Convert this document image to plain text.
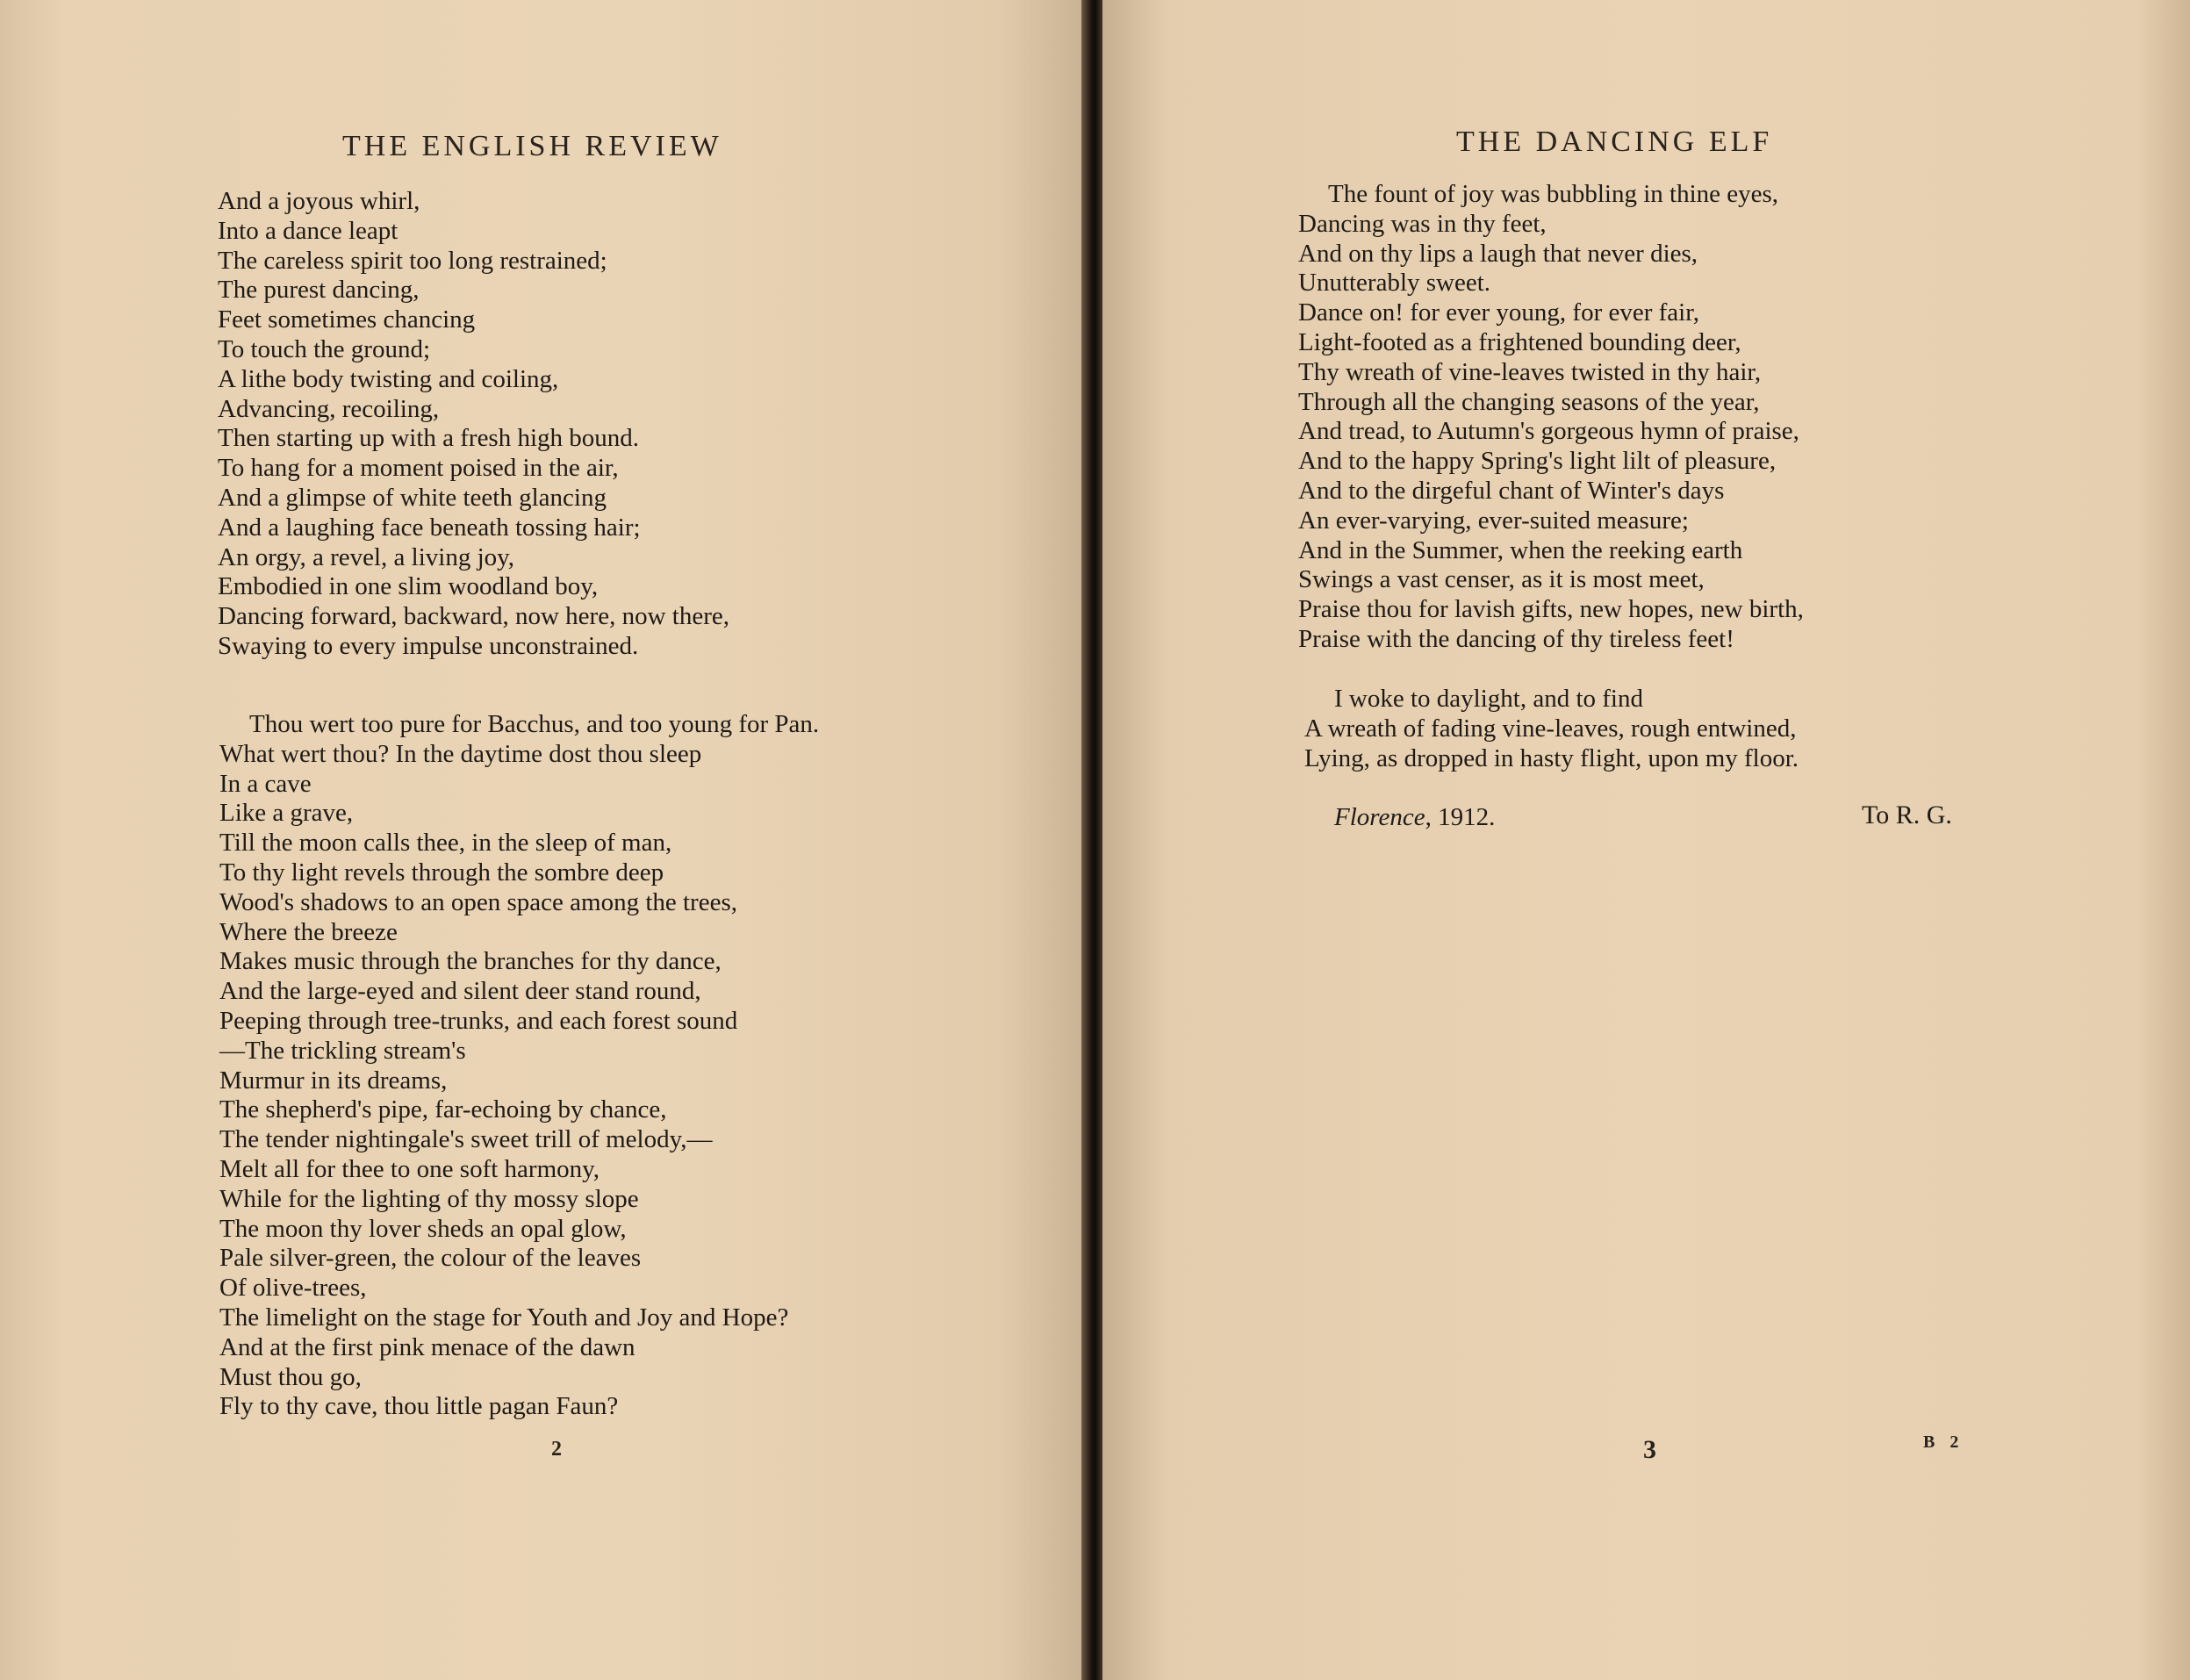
THE ENGLISH REVIEW
And a joyous whirl,
Into a dance leapt
The careless spirit too long restrained;
The purest dancing,
Feet sometimes chancing
To touch the ground;
A lithe body twisting and coiling,
Advancing, recoiling,
Then starting up with a fresh high bound.
To hang for a moment poised in the air,
And a glimpse of white teeth glancing
And a laughing face beneath tossing hair;
An orgy, a revel, a living joy,
Embodied in one slim woodland boy,
Dancing forward, backward, now here, now there,
Swaying to every impulse unconstrained.
Thou wert too pure for Bacchus, and too young for Pan.
What wert thou? In the daytime dost thou sleep
In a cave
Like a grave,
Till the moon calls thee, in the sleep of man,
To thy light revels through the sombre deep
Wood's shadows to an open space among the trees,
Where the breeze
Makes music through the branches for thy dance,
And the large-eyed and silent deer stand round,
Peeping through tree-trunks, and each forest sound
—The trickling stream's
Murmur in its dreams,
The shepherd's pipe, far-echoing by chance,
The tender nightingale's sweet trill of melody,—
Melt all for thee to one soft harmony,
While for the lighting of thy mossy slope
The moon thy lover sheds an opal glow,
Pale silver-green, the colour of the leaves
Of olive-trees,
The limelight on the stage for Youth and Joy and Hope?
And at the first pink menace of the dawn
Must thou go,
Fly to thy cave, thou little pagan Faun?
2
THE DANCING ELF
The fount of joy was bubbling in thine eyes,
Dancing was in thy feet,
And on thy lips a laugh that never dies,
Unutterably sweet.
Dance on! for ever young, for ever fair,
Light-footed as a frightened bounding deer,
Thy wreath of vine-leaves twisted in thy hair,
Through all the changing seasons of the year,
And tread, to Autumn's gorgeous hymn of praise,
And to the happy Spring's light lilt of pleasure,
And to the dirgeful chant of Winter's days
An ever-varying, ever-suited measure;
And in the Summer, when the reeking earth
Swings a vast censer, as it is most meet,
Praise thou for lavish gifts, new hopes, new birth,
Praise with the dancing of thy tireless feet!
I woke to daylight, and to find
A wreath of fading vine-leaves, rough entwined,
Lying, as dropped in hasty flight, upon my floor.
Florence, 1912.	To R. G.
3	B 2
